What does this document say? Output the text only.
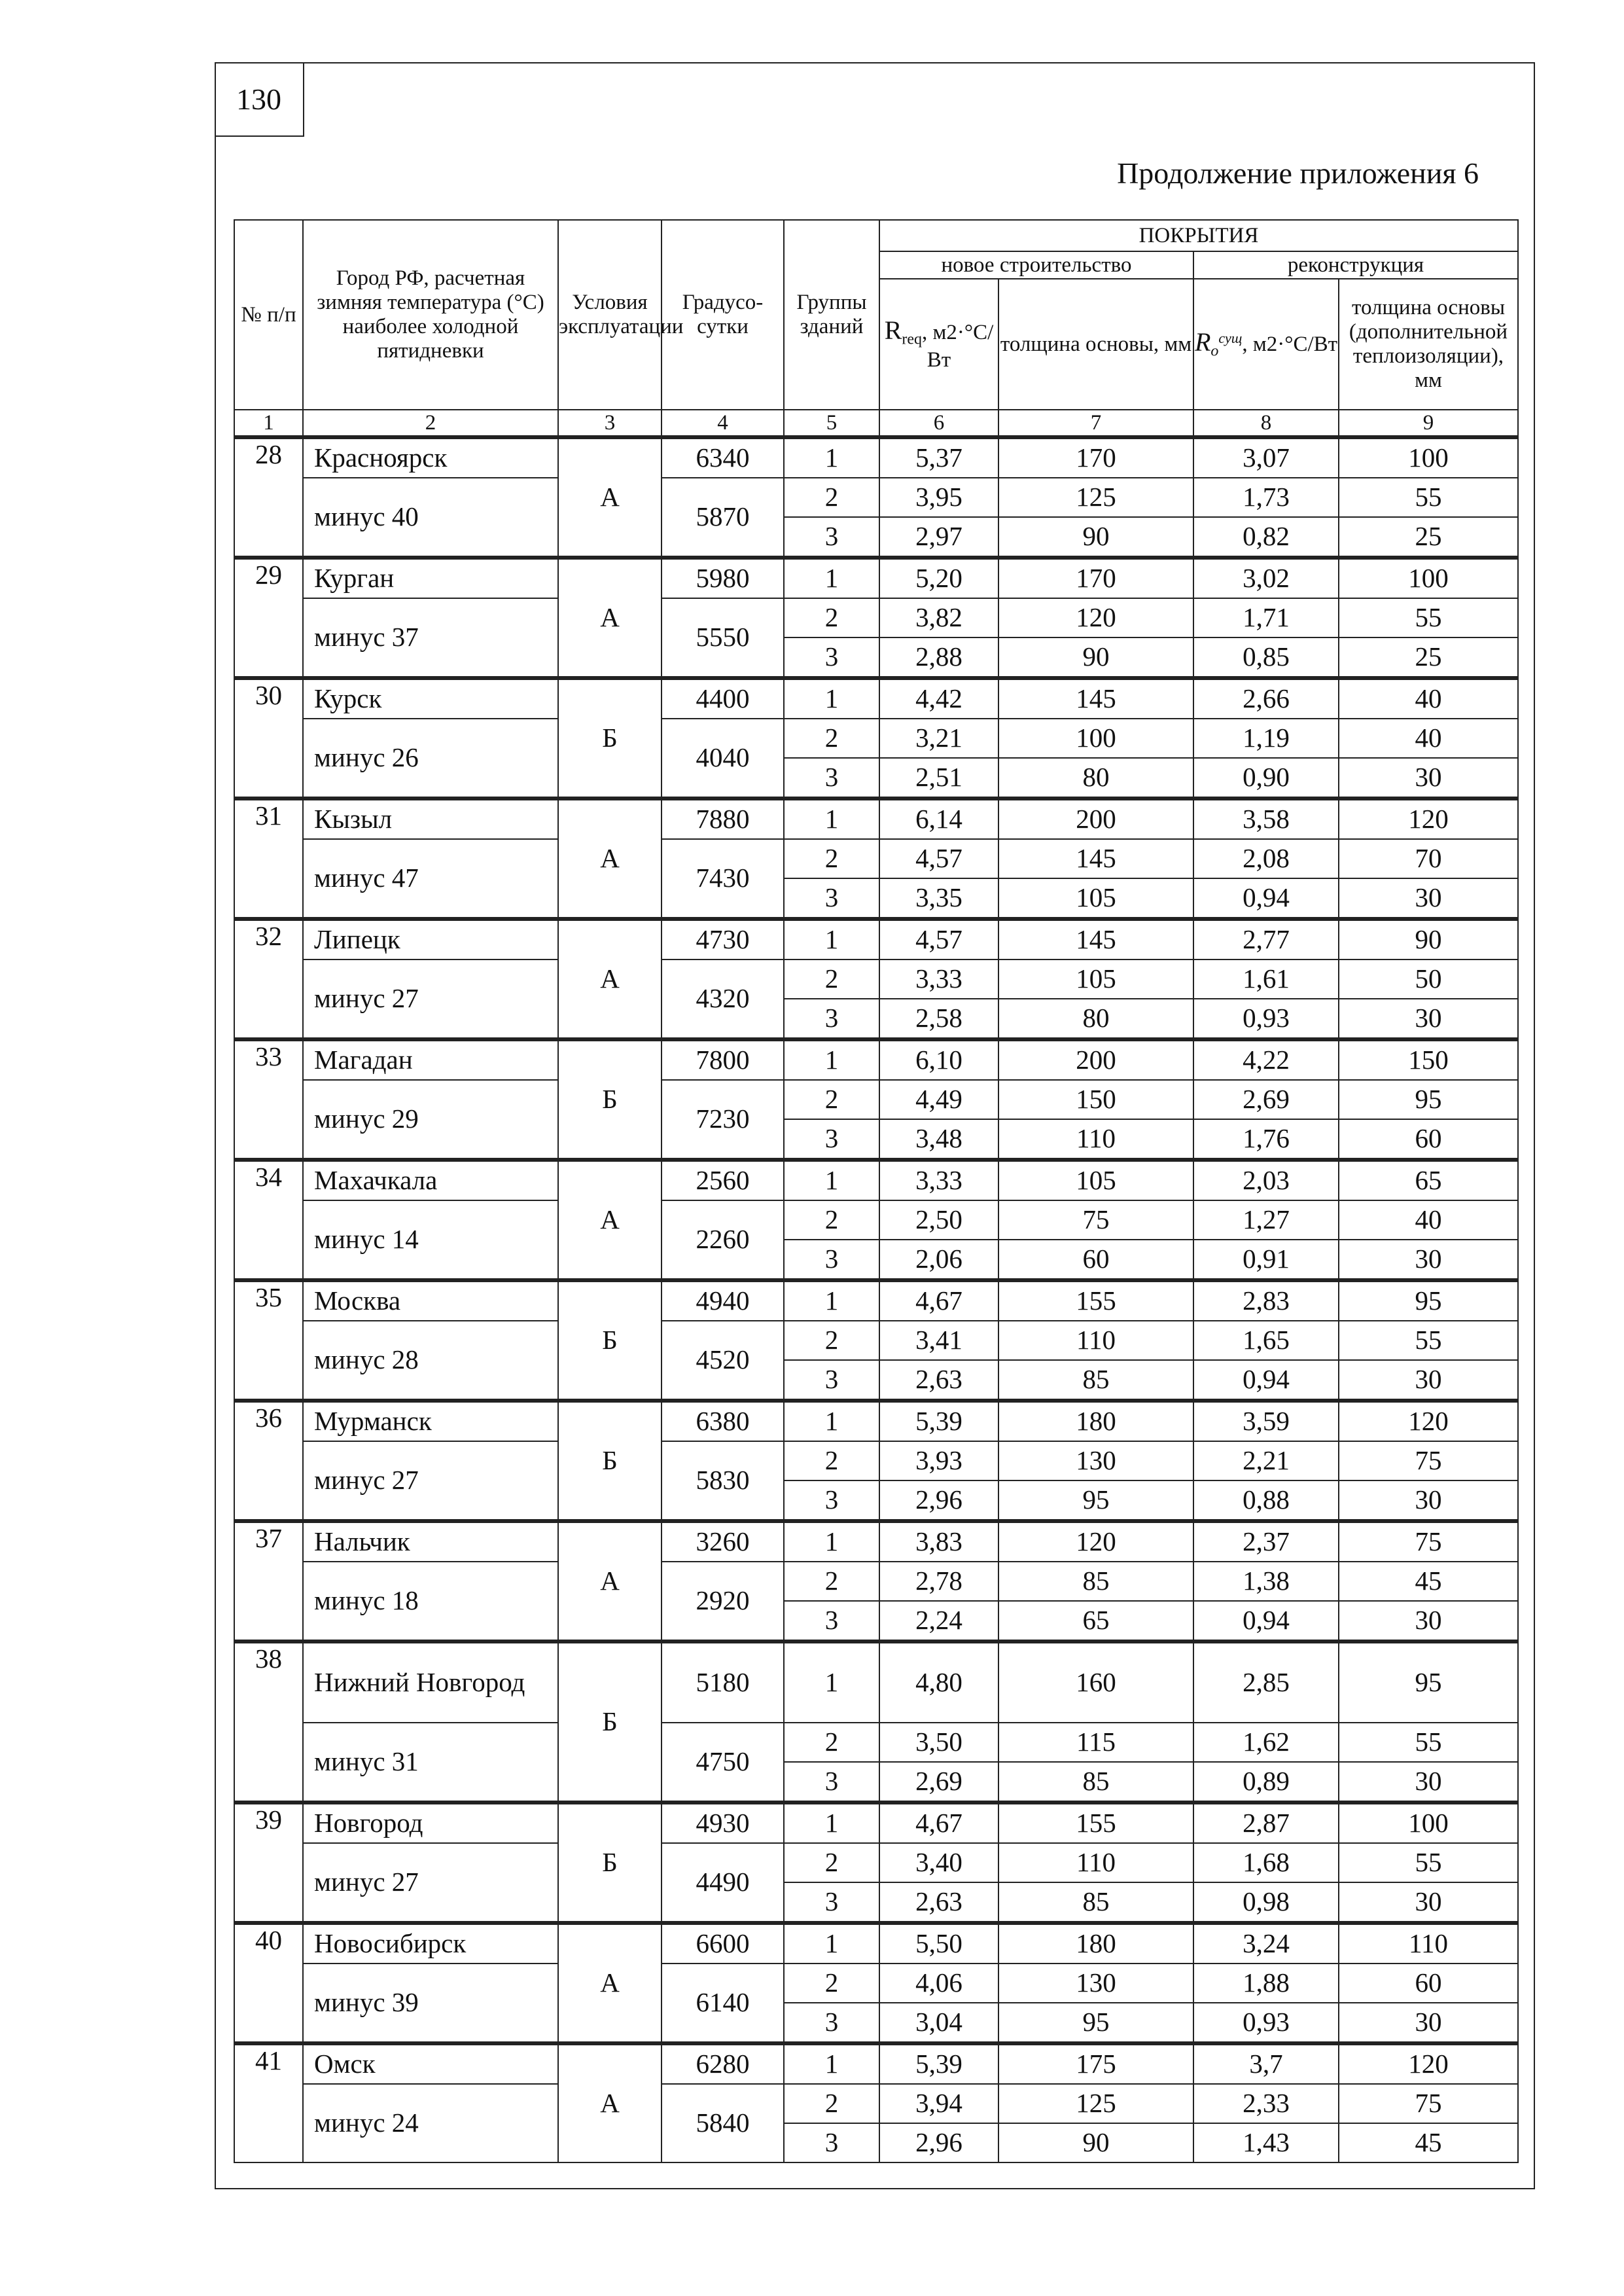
130
Продолжение приложения 6
№ п/п	Город РФ, расчетная зимняя температура (°С) наиболее холодной пятидневки	Условия эксплуатации	Градусо-сутки	Группы зданий	ПОКРЫТИЯ			
					новое строительство		реконструкция	
					$R_{req}$, м2·°С/Вт	толщина основы, мм	$R_o^{сущ}$, м2·°С/Вт	толщина основы (дополнительной теплоизоляции), мм
1	2	3	4	5	6	7	8	9
28	Красноярск	А	6340	1	5,37	170	3,07	100
	минус 40		5870	2	3,95	125	1,73	55
				3	2,97	90	0,82	25
29	Курган	А	5980	1	5,20	170	3,02	100
	минус 37		5550	2	3,82	120	1,71	55
				3	2,88	90	0,85	25
30	Курск	Б	4400	1	4,42	145	2,66	40
	минус 26		4040	2	3,21	100	1,19	40
				3	2,51	80	0,90	30
31	Кызыл	А	7880	1	6,14	200	3,58	120
	минус 47		7430	2	4,57	145	2,08	70
				3	3,35	105	0,94	30
32	Липецк	А	4730	1	4,57	145	2,77	90
	минус 27		4320	2	3,33	105	1,61	50
				3	2,58	80	0,93	30
33	Магадан	Б	7800	1	6,10	200	4,22	150
	минус 29		7230	2	4,49	150	2,69	95
				3	3,48	110	1,76	60
34	Махачкала	А	2560	1	3,33	105	2,03	65
	минус 14		2260	2	2,50	75	1,27	40
				3	2,06	60	0,91	30
35	Москва	Б	4940	1	4,67	155	2,83	95
	минус 28		4520	2	3,41	110	1,65	55
				3	2,63	85	0,94	30
36	Мурманск	Б	6380	1	5,39	180	3,59	120
	минус 27		5830	2	3,93	130	2,21	75
				3	2,96	95	0,88	30
37	Нальчик	А	3260	1	3,83	120	2,37	75
	минус 18		2920	2	2,78	85	1,38	45
				3	2,24	65	0,94	30
38	Нижний Новгород	Б	5180	1	4,80	160	2,85	95
	минус 31		4750	2	3,50	115	1,62	55
				3	2,69	85	0,89	30
39	Новгород	Б	4930	1	4,67	155	2,87	100
	минус 27		4490	2	3,40	110	1,68	55
				3	2,63	85	0,98	30
40	Новосибирск	А	6600	1	5,50	180	3,24	110
	минус 39		6140	2	4,06	130	1,88	60
				3	3,04	95	0,93	30
41	Омск	А	6280	1	5,39	175	3,7	120
	минус 24		5840	2	3,94	125	2,33	75
				3	2,96	90	1,43	45
